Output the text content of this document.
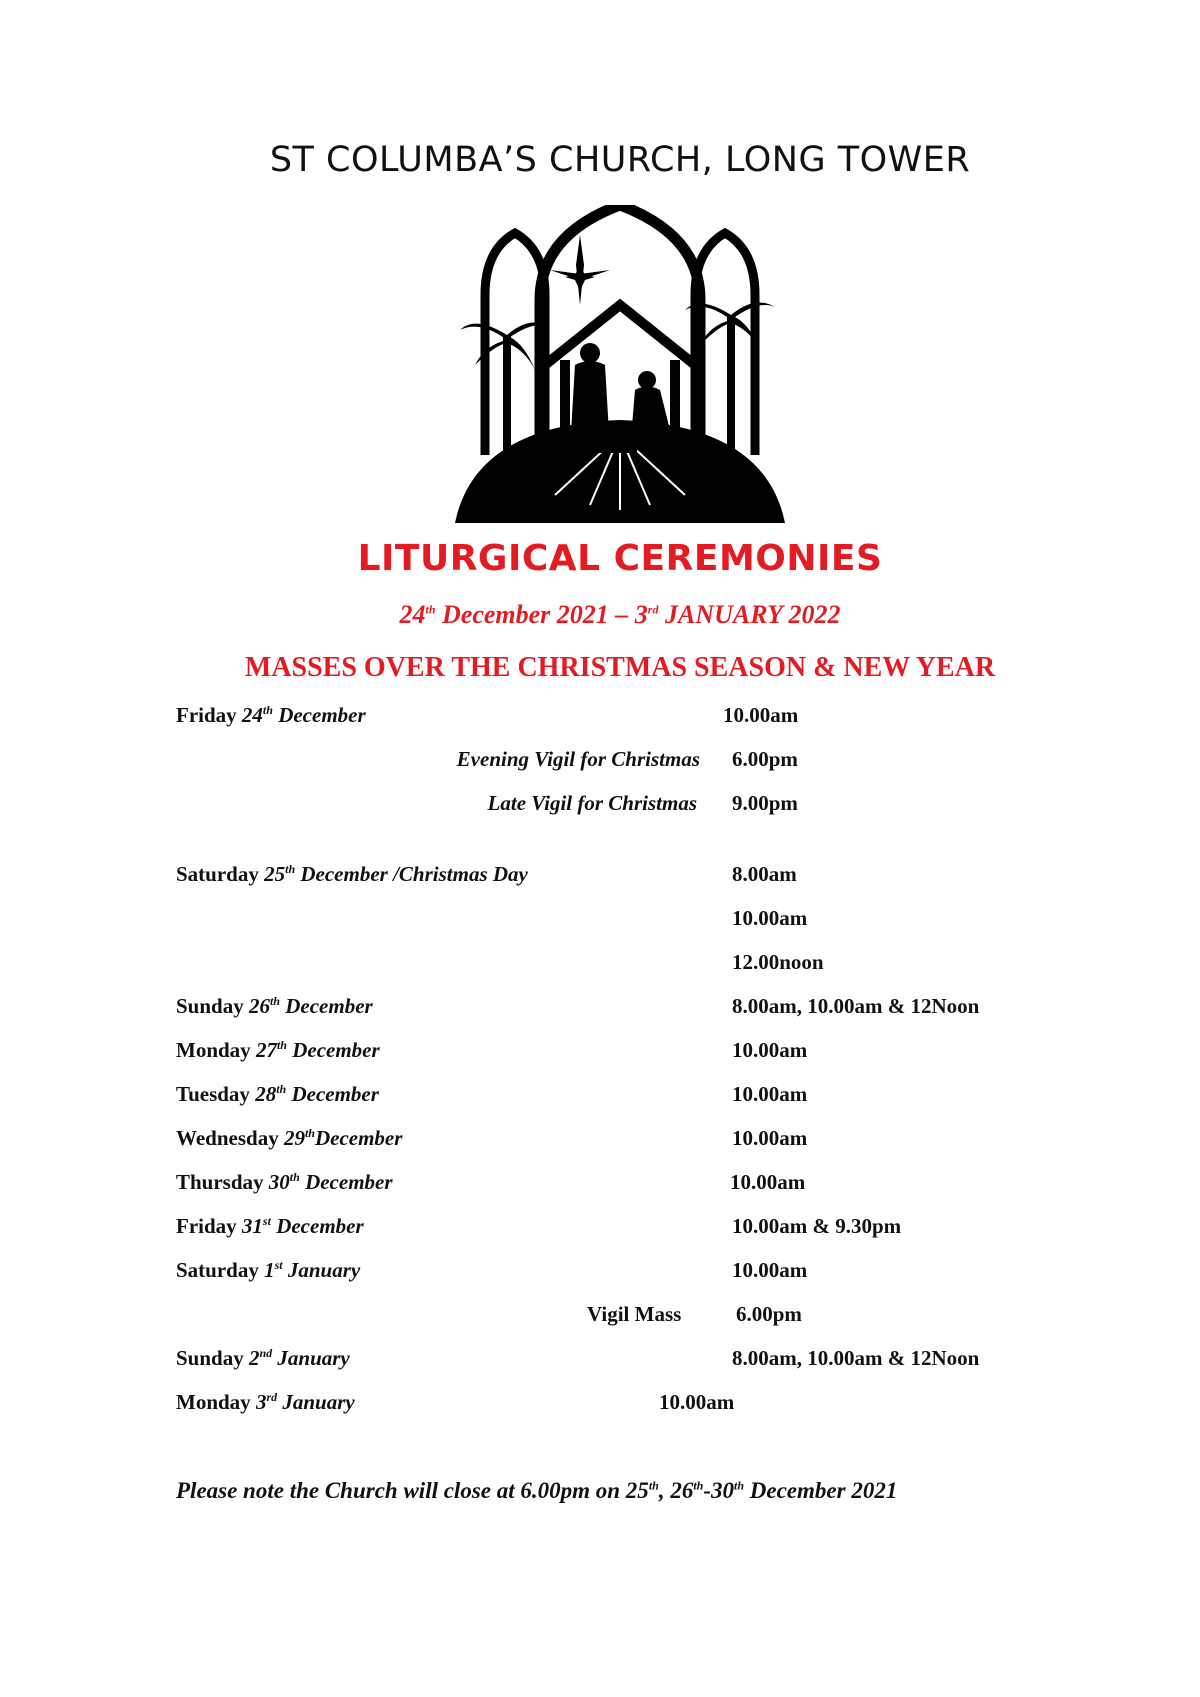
ST COLUMBA’S CHURCH, LONG TOWER
LITURGICAL CEREMONIES
24th December 2021 – 3rd JANUARY 2022
MASSES OVER THE CHRISTMAS SEASON & NEW YEAR
Friday 24th December	10.00am
Evening Vigil for Christmas 6.00pm
Late Vigil for Christmas 9.00pm
Saturday 25th December /Christmas Day	8.00am
10.00am
12.00noon
Sunday 26th December	8.00am, 10.00am & 12Noon
Monday 27th December	10.00am
Tuesday 28th December	10.00am
Wednesday 29thDecember	10.00am
Thursday 30th December	10.00am
Friday 31st December	10.00am & 9.30pm
Saturday 1st January	10.00am
Vigil Mass	6.00pm
Sunday 2nd January	8.00am, 10.00am & 12Noon
Monday 3rd January	10.00am
Please note the Church will close at 6.00pm on 25th, 26th-30th December 2021
